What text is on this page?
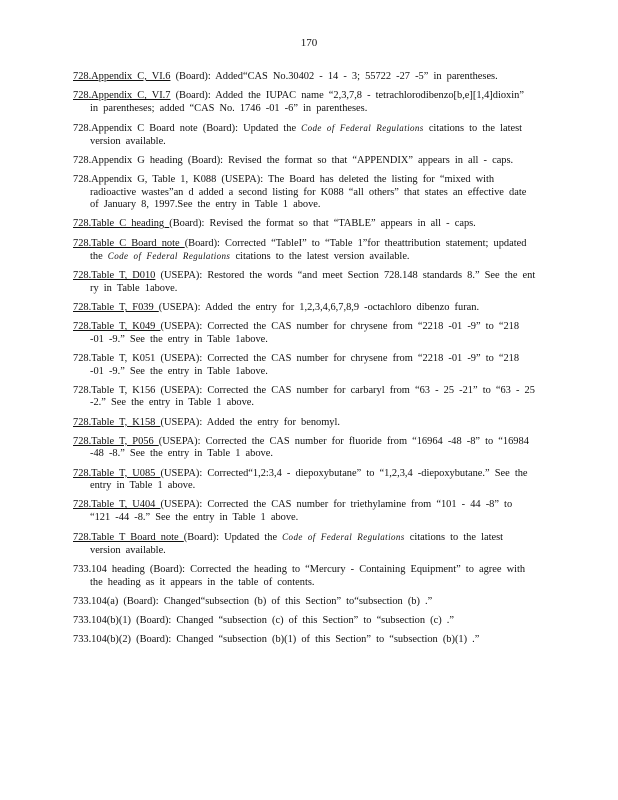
170

728.Appendix C, VI.6 (Board): Added“CAS No.30402 - 14 - 3; 55722 -27 -5” in parentheses.

728.Appendix C, VI.7 (Board): Added the IUPAC name “2,3,7,8 - tetrachlorodibenzo[b,e][1,4]dioxin” in parentheses; added “CAS No. 1746 -01 -6” in parentheses.

728.Appendix C Board note (Board): Updated the Code of Federal Regulations citations to the latest version available.

728.Appendix G heading (Board): Revised the format so that “APPENDIX” appears in all - caps.

728.Appendix G, Table 1, K088 (USEPA): The Board has deleted the listing for “mixed with radioactive wastes”an d added a second listing for K088 “all others” that states an effective date of January 8, 1997.See the entry in Table 1 above.

728.Table C heading (Board): Revised the format so that “TABLE” appears in all - caps.

728.Table C Board note (Board): Corrected “TableI” to “Table 1”for theattribution statement; updated the Code of Federal Regulations citations to the latest version available.

728.Table T, D010 (USEPA): Restored the words “and meet Section 728.148 standards 8.” See the ent ry in Table 1above.

728.Table T, F039 (USEPA): Added the entry for 1,2,3,4,6,7,8,9 -octachloro dibenzo furan.

728.Table T, K049 (USEPA): Corrected the CAS number for chrysene from “2218 -01 -9” to “218 -01 -9.” See the entry in Table 1above.

728.Table T, K051 (USEPA): Corrected the CAS number for chrysene from “2218 -01 -9” to “218 -01 -9.” See the entry in Table 1above.

728.Table T, K156 (USEPA): Corrected the CAS number for carbaryl from “63 - 25 -21” to “63 - 25 -2.” See the entry in Table 1 above.

728.Table T, K158 (USEPA): Added the entry for benomyl.

728.Table T, P056 (USEPA): Corrected the CAS number for fluoride from “16964 -48 -8” to “16984 -48 -8.” See the entry in Table 1 above.

728.Table T, U085 (USEPA): Corrected“1,2:3,4 - diepoxybutane” to “1,2,3,4 -diepoxybutane.” See the entry in Table 1 above.

728.Table T, U404 (USEPA): Corrected the CAS number for triethylamine from “101 - 44 -8” to “121 -44 -8.” See the entry in Table 1 above.

728.Table T Board note (Board): Updated the Code of Federal Regulations citations to the latest version available.

733.104 heading (Board): Corrected the heading to “Mercury - Containing Equipment” to agree with the heading as it appears in the table of contents.

733.104(a) (Board): Changed“subsection (b) of this Section” to“subsection (b) .”

733.104(b)(1) (Board): Changed “subsection (c) of this Section” to “subsection (c) .”

733.104(b)(2) (Board): Changed “subsection (b)(1) of this Section” to “subsection (b)(1) .”
